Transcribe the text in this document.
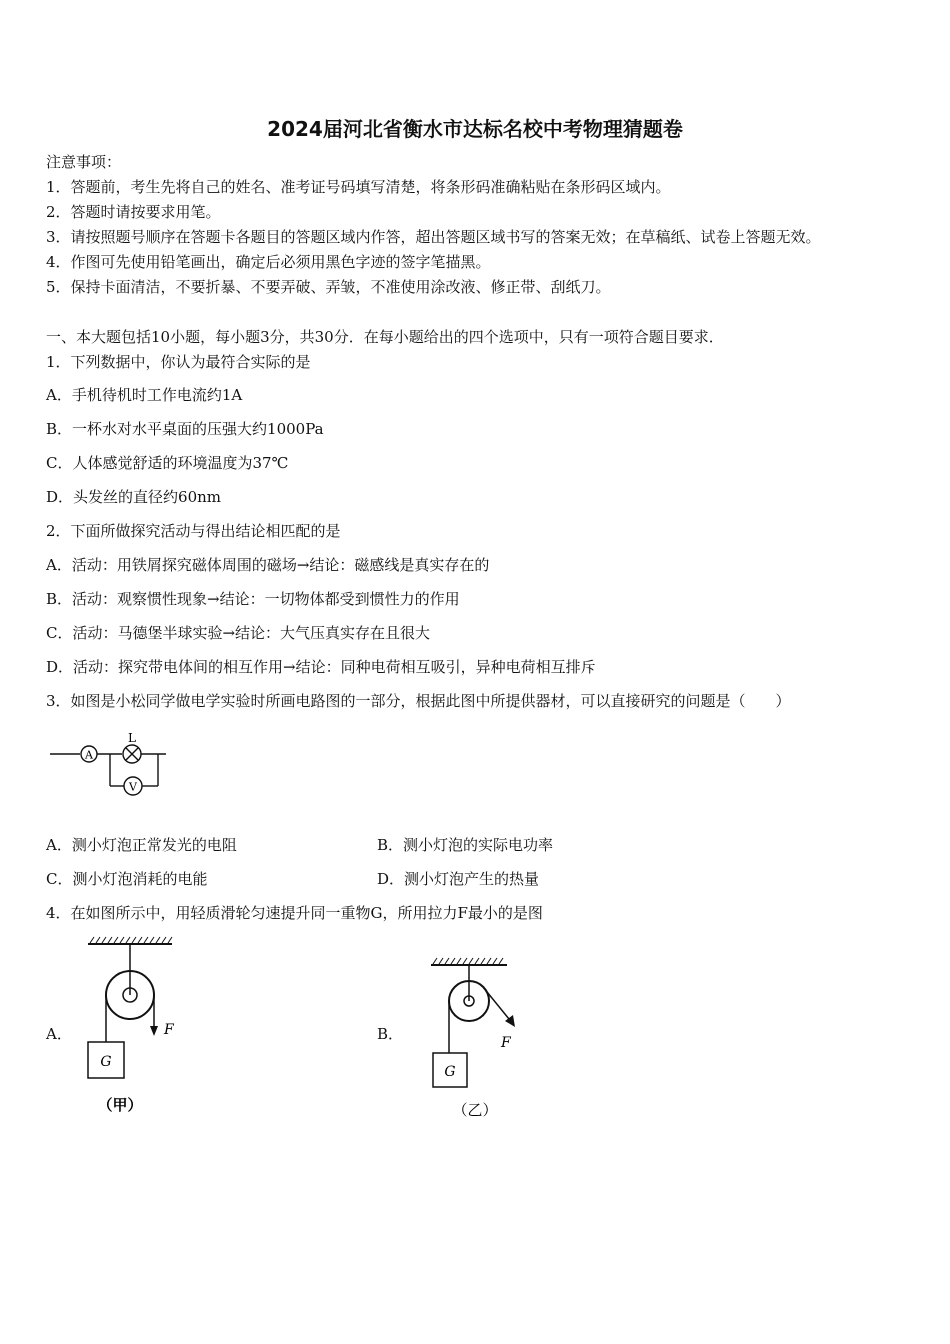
2024届河北省衡水市达标名校中考物理猜题卷
注意事项：
1．答题前，考生先将自己的姓名、准考证号码填写清楚，将条形码准确粘贴在条形码区域内。
2．答题时请按要求用笔。
3．请按照题号顺序在答题卡各题目的答题区域内作答，超出答题区域书写的答案无效；在草稿纸、试卷上答题无效。
4．作图可先使用铅笔画出，确定后必须用黑色字迹的签字笔描黑。
5．保持卡面清洁，不要折暴、不要弄破、弄皱，不准使用涂改液、修正带、刮纸刀。
一、本大题包括10小题，每小题3分，共30分．在每小题给出的四个选项中，只有一项符合题目要求．
1．下列数据中，你认为最符合实际的是
A．手机待机时工作电流约1A
B．一杯水对水平桌面的压强大约1000Pa
C．人体感觉舒适的环境温度为37℃
D．头发丝的直径约60nm
2．下面所做探究活动与得出结论相匹配的是
A．活动：用铁屑探究磁体周围的磁场→结论：磁感线是真实存在的
B．活动：观察惯性现象→结论：一切物体都受到惯性力的作用
C．活动：马德堡半球实验→结论：大气压真实存在且很大
D．活动：探究带电体间的相互作用→结论：同种电荷相互吸引，异种电荷相互排斥
3．如图是小松同学做电学实验时所画电路图的一部分，根据此图中所提供器材，可以直接研究的问题是（　　）
A
L
V
A．测小灯泡正常发光的电阻	B．测小灯泡的实际电功率
C．测小灯泡消耗的电能	D．测小灯泡产生的热量
4．在如图所示中，用轻质滑轮匀速提升同一重物G，所用拉力F最小的是图
A．	B．
G
F
（甲）
G
F
（乙）
